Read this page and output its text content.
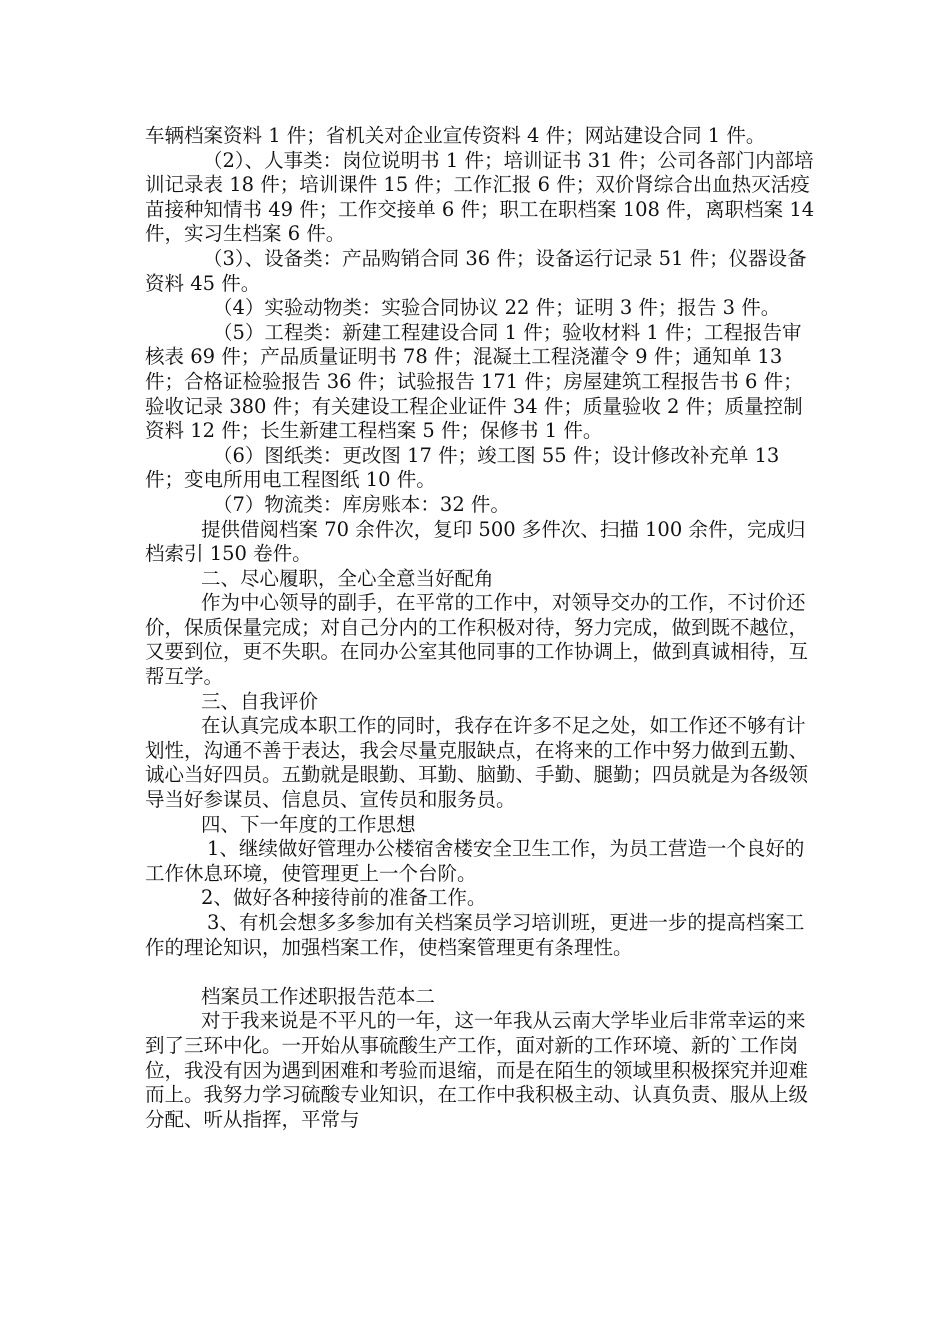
车辆档案资料 1 件；省机关对企业宣传资料 4 件；网站建设合同 1 件。

（2）、人事类：岗位说明书 1 件；培训证书 31 件；公司各部门内部培训记录表 18 件；培训课件 15 件；工作汇报 6 件；双价肾综合出血热灭活疫苗接种知情书 49 件；工作交接单 6 件；职工在职档案 108 件，离职档案 14 件，实习生档案 6 件。

（3）、设备类：产品购销合同 36 件；设备运行记录 51 件；仪器设备资料 45 件。

（4）实验动物类：实验合同协议 22 件；证明 3 件；报告 3 件。

（5）工程类：新建工程建设合同 1 件；验收材料 1 件；工程报告审核表 69 件；产品质量证明书 78 件；混凝土工程浇灌令 9 件；通知单 13 件；合格证检验报告 36 件；试验报告 171 件；房屋建筑工程报告书 6 件；验收记录 380 件；有关建设工程企业证件 34 件；质量验收 2 件；质量控制资料 12 件；长生新建工程档案 5 件；保修书 1 件。

（6）图纸类：更改图 17 件；竣工图 55 件；设计修改补充单 13 件；变电所用电工程图纸 10 件。

（7）物流类：库房账本：32 件。

提供借阅档案 70 余件次，复印 500 多件次、扫描 100 余件，完成归档索引 150 卷件。

二、尽心履职，全心全意当好配角

作为中心领导的副手，在平常的工作中，对领导交办的工作，不讨价还价，保质保量完成；对自己分内的工作积极对待，努力完成，做到既不越位，又要到位，更不失职。在同办公室其他同事的工作协调上，做到真诚相待，互帮互学。

三、自我评价

在认真完成本职工作的同时，我存在许多不足之处，如工作还不够有计划性，沟通不善于表达，我会尽量克服缺点，在将来的工作中努力做到五勤、诚心当好四员。五勤就是眼勤、耳勤、脑勤、手勤、腿勤；四员就是为各级领导当好参谋员、信息员、宣传员和服务员。

四、下一年度的工作思想

1、继续做好管理办公楼宿舍楼安全卫生工作，为员工营造一个良好的工作休息环境，使管理更上一个台阶。

2、做好各种接待前的准备工作。

3、有机会想多多参加有关档案员学习培训班，更进一步的提高档案工作的理论知识，加强档案工作，使档案管理更有条理性。

档案员工作述职报告范本二

对于我来说是不平凡的一年，这一年我从云南大学毕业后非常幸运的来到了三环中化。一开始从事硫酸生产工作，面对新的工作环境、新的`工作岗位，我没有因为遇到困难和考验而退缩，而是在陌生的领域里积极探究并迎难而上。我努力学习硫酸专业知识，在工作中我积极主动、认真负责、服从上级分配、听从指挥，平常与
